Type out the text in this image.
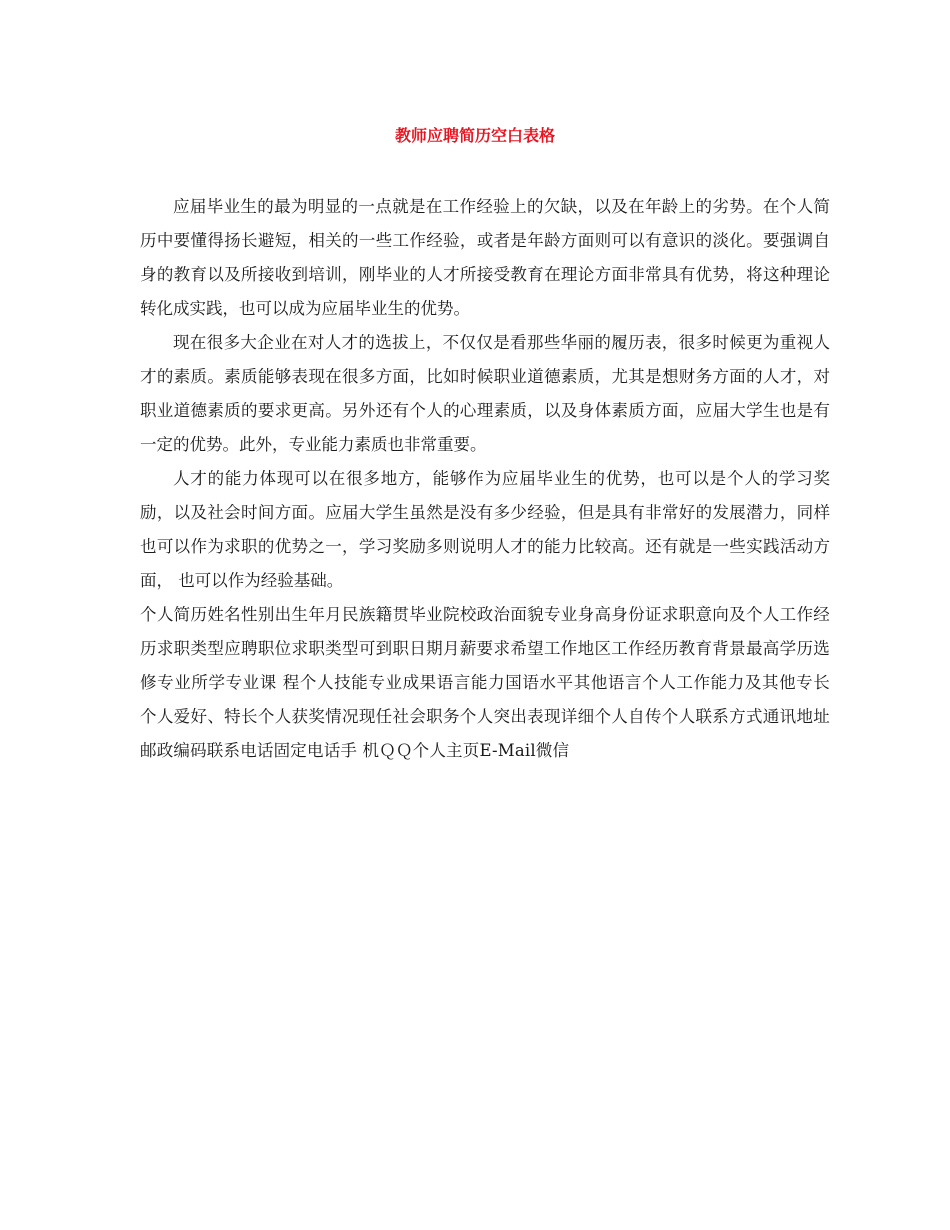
教师应聘简历空白表格

应届毕业生的最为明显的一点就是在工作经验上的欠缺，以及在年龄上的劣势。在个人简历中要懂得扬长避短，相关的一些工作经验，或者是年龄方面则可以有意识的淡化。要强调自身的教育以及所接收到培训，刚毕业的人才所接受教育在理论方面非常具有优势，将这种理论转化成实践，也可以成为应届毕业生的优势。

现在很多大企业在对人才的选拔上，不仅仅是看那些华丽的履历表，很多时候更为重视人才的素质。素质能够表现在很多方面，比如时候职业道德素质，尤其是想财务方面的人才，对职业道德素质的要求更高。另外还有个人的心理素质，以及身体素质方面，应届大学生也是有一定的优势。此外，专业能力素质也非常重要。

人才的能力体现可以在很多地方，能够作为应届毕业生的优势，也可以是个人的学习奖励，以及社会时间方面。应届大学生虽然是没有多少经验，但是具有非常好的发展潜力，同样也可以作为求职的优势之一，学习奖励多则说明人才的能力比较高。还有就是一些实践活动方面， 也可以作为经验基础。

个人简历姓名性别出生年月民族籍贯毕业院校政治面貌专业身高身份证求职意向及个人工作经历求职类型应聘职位求职类型可到职日期月薪要求希望工作地区工作经历教育背景最高学历选修专业所学专业课 程个人技能专业成果语言能力国语水平其他语言个人工作能力及其他专长个人爱好、特长个人获奖情况现任社会职务个人突出表现详细个人自传个人联系方式通讯地址邮政编码联系电话固定电话手 机ＱＱ个人主页E-Mail微信
